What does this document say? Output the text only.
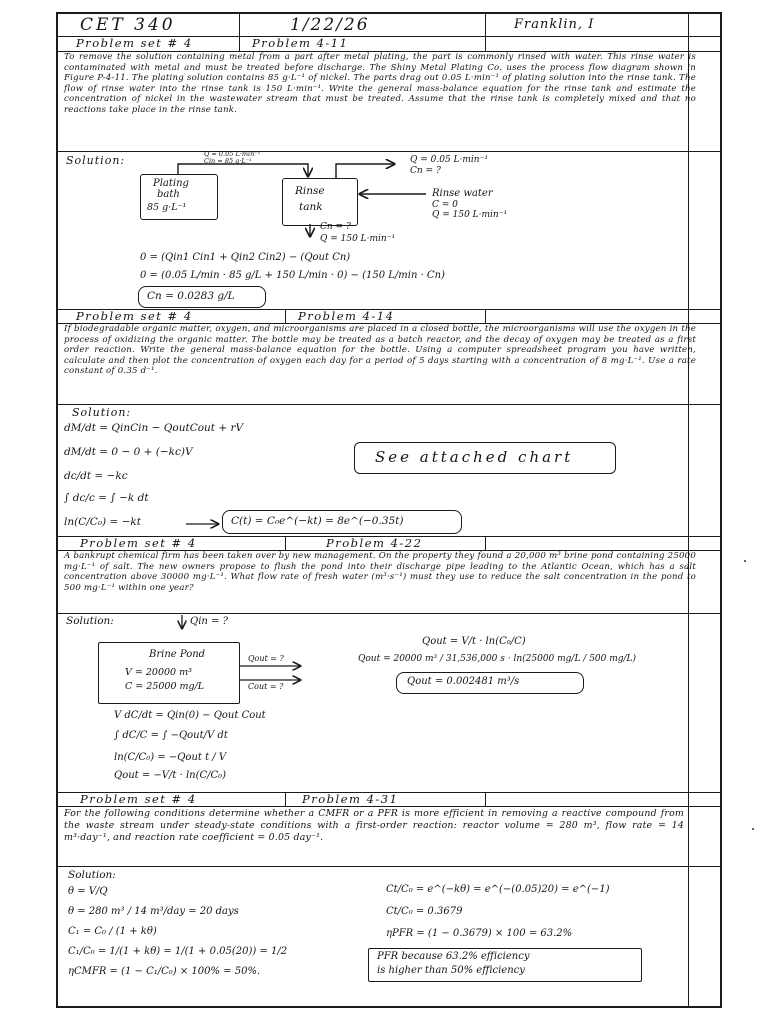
CET 340	1/22/26	Franklin, I
Problem set # 4	Problem 4-11
To remove the solution containing metal from a part after metal plating, the part is commonly rinsed with water. This rinse water is contaminated with metal and must be treated before discharge. The Shiny Metal Plating Co. uses the process flow diagram shown in Figure P-4-11. The plating solution contains 85 g·L⁻¹ of nickel. The parts drag out 0.05 L·min⁻¹ of plating solution into the rinse tank. The flow of rinse water into the rinse tank is 150 L·min⁻¹. Write the general mass-balance equation for the rinse tank and estimate the concentration of nickel in the wastewater stream that must be treated. Assume that the rinse tank is completely mixed and that no reactions take place in the rinse tank.
Solution:	Q = 0.05 L·min⁻¹
Cin = 85 g·L⁻¹
Plating
bath
85 g·L⁻¹
Rinse
tank
Q = 0.05 L·min⁻¹
Cn = ?
Rinse water
C = 0
Q = 150 L·min⁻¹
Cn = ?
Q = 150 L·min⁻¹
0 = (Qin1 Cin1 + Qin2 Cin2) − (Qout Cn)
0 = (0.05 L/min · 85 g/L + 150 L/min · 0) − (150 L/min · Cn)
Cn = 0.0283 g/L
Problem set # 4	Problem 4-14
If biodegradable organic matter, oxygen, and microorganisms are placed in a closed bottle, the microorganisms will use the oxygen in the process of oxidizing the organic matter. The bottle may be treated as a batch reactor, and the decay of oxygen may be treated as a first order reaction. Write the general mass-balance equation for the bottle. Using a computer spreadsheet program you have written, calculate and then plot the concentration of oxygen each day for a period of 5 days starting with a concentration of 8 mg·L⁻¹. Use a rate constant of 0.35 d⁻¹.
Solution:
dM/dt = QinCin − QoutCout + rV
dM/dt = 0 − 0 + (−kc)V
dc/dt = −kc
∫ dc/c = ∫ −k dt
ln(C/C₀) = −kt	C(t) = C₀e^(−kt) = 8e^(−0.35t)
See attached chart
Problem set # 4	Problem 4-22
A bankrupt chemical firm has been taken over by new management. On the property they found a 20,000 m³ brine pond containing 25000 mg·L⁻¹ of salt. The new owners propose to flush the pond into their discharge pipe leading to the Atlantic Ocean, which has a salt concentration above 30000 mg·L⁻¹. What flow rate of fresh water (m³·s⁻¹) must they use to reduce the salt concentration in the pond to 500 mg·L⁻¹ within one year?
Solution:	Qin = ?
Brine Pond
V = 20000 m³
C = 25000 mg/L
Qout = ?
Cout = ?
V dC/dt = Qin(0) − Qout Cout
∫ dC/C = ∫ −Qout/V dt
ln(C/C₀) = −Qout t / V
Qout = −V/t · ln(C/C₀)
Qout = V/t · ln(C₀/C)
Qout = 20000 m³ / 31,536,000 s · ln(25000 mg/L / 500 mg/L)
Qout = 0.002481 m³/s
Problem set # 4	Problem 4-31
For the following conditions determine whether a CMFR or a PFR is more efficient in removing a reactive compound from the waste stream under steady-state conditions with a first-order reaction: reactor volume = 280 m³, flow rate = 14 m³·day⁻¹, and reaction rate coefficient = 0.05 day⁻¹.
Solution:
θ = V/Q
θ = 280 m³ / 14 m³/day = 20 days
C₁ = C₀ / (1 + kθ)
C₁/C₀ = 1/(1 + kθ) = 1/(1 + 0.05(20)) = 1/2
ηCMFR = (1 − C₁/C₀) × 100% = 50%.
Ct/C₀ = e^(−kθ) = e^(−(0.05)20) = e^(−1)
Ct/C₀ = 0.3679
ηPFR = (1 − 0.3679) × 100 = 63.2%
PFR because 63.2% efficiency
is higher than 50% efficiency
